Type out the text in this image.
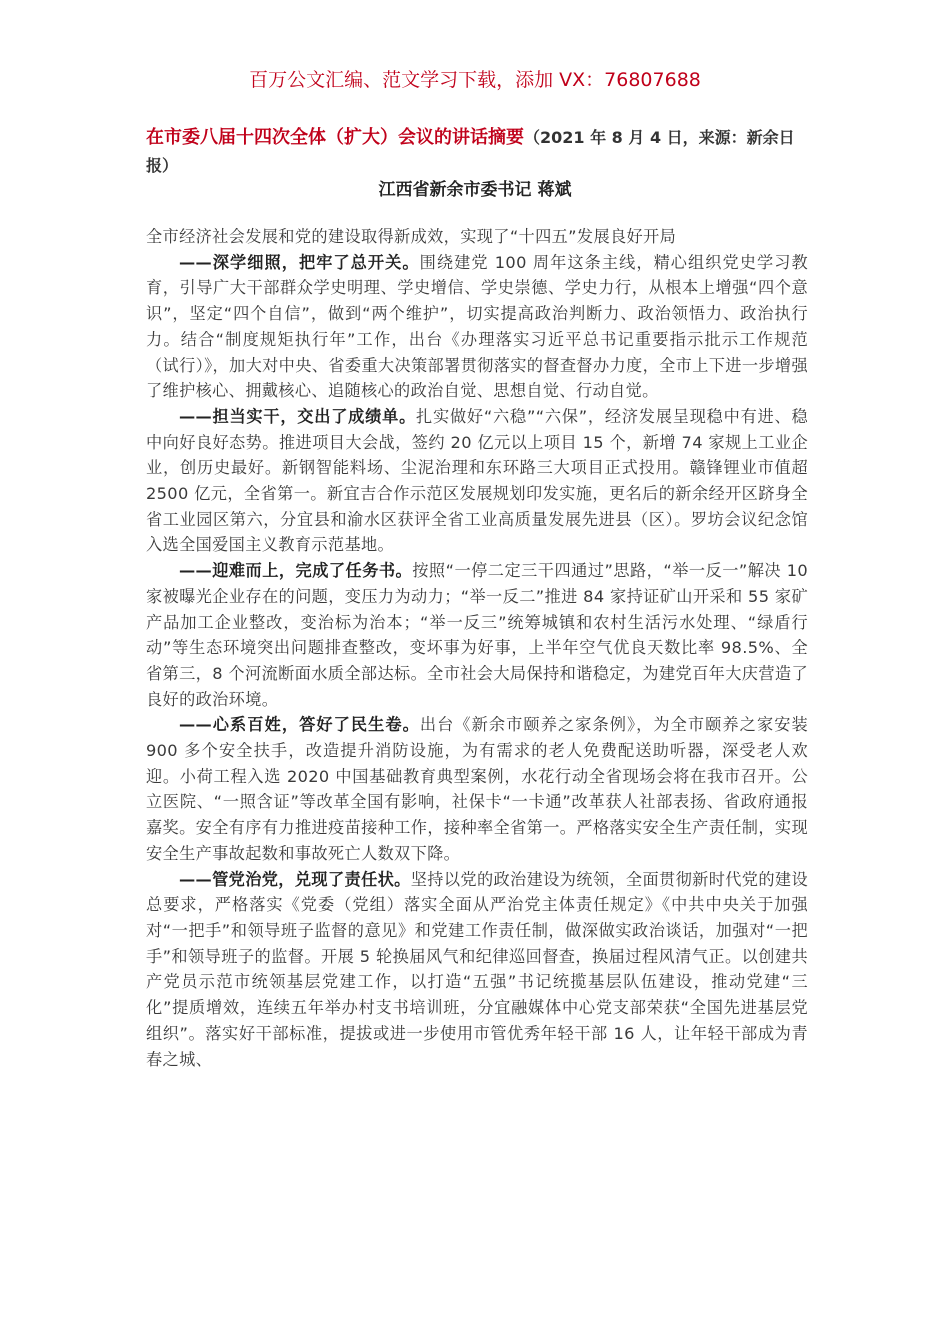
百万公文汇编、范文学习下载，添加 VX：76807688
在市委八届十四次全体（扩大）会议的讲话摘要（2021 年 8 月 4 日，来源：新余日报）
江西省新余市委书记 蒋斌

全市经济社会发展和党的建设取得新成效，实现了“十四五”发展良好开局

——深学细照，把牢了总开关。围绕建党 100 周年这条主线，精心组织党史学习教育，引导广大干部群众学史明理、学史增信、学史崇德、学史力行，从根本上增强“四个意识”，坚定“四个自信”，做到“两个维护”，切实提高政治判断力、政治领悟力、政治执行力。结合“制度规矩执行年”工作，出台《办理落实习近平总书记重要指示批示工作规范（试行）》，加大对中央、省委重大决策部署贯彻落实的督查督办力度，全市上下进一步增强了维护核心、拥戴核心、追随核心的政治自觉、思想自觉、行动自觉。

——担当实干，交出了成绩单。扎实做好“六稳”“六保”，经济发展呈现稳中有进、稳中向好良好态势。推进项目大会战，签约 20 亿元以上项目 15 个，新增 74 家规上工业企业，创历史最好。新钢智能料场、尘泥治理和东环路三大项目正式投用。赣锋锂业市值超 2500 亿元，全省第一。新宜吉合作示范区发展规划印发实施，更名后的新余经开区跻身全省工业园区第六，分宜县和渝水区获评全省工业高质量发展先进县（区）。罗坊会议纪念馆入选全国爱国主义教育示范基地。

——迎难而上，完成了任务书。按照“一停二定三干四通过”思路，“举一反一”解决 10 家被曝光企业存在的问题，变压力为动力；“举一反二”推进 84 家持证矿山开采和 55 家矿产品加工企业整改，变治标为治本；“举一反三”统筹城镇和农村生活污水处理、“绿盾行动”等生态环境突出问题排查整改，变坏事为好事，上半年空气优良天数比率 98.5%、全省第三，8 个河流断面水质全部达标。全市社会大局保持和谐稳定，为建党百年大庆营造了良好的政治环境。

——心系百姓，答好了民生卷。出台《新余市颐养之家条例》，为全市颐养之家安装 900 多个安全扶手，改造提升消防设施，为有需求的老人免费配送助听器，深受老人欢迎。小荷工程入选 2020 中国基础教育典型案例，水花行动全省现场会将在我市召开。公立医院、“一照含证”等改革全国有影响，社保卡“一卡通”改革获人社部表扬、省政府通报嘉奖。安全有序有力推进疫苗接种工作，接种率全省第一。严格落实安全生产责任制，实现安全生产事故起数和事故死亡人数双下降。

——管党治党，兑现了责任状。坚持以党的政治建设为统领，全面贯彻新时代党的建设总要求，严格落实《党委（党组）落实全面从严治党主体责任规定》《中共中央关于加强对“一把手”和领导班子监督的意见》和党建工作责任制，做深做实政治谈话，加强对“一把手”和领导班子的监督。开展 5 轮换届风气和纪律巡回督查，换届过程风清气正。以创建共产党员示范市统领基层党建工作，以打造“五强”书记统揽基层队伍建设，推动党建“三化”提质增效，连续五年举办村支书培训班，分宜融媒体中心党支部荣获“全国先进基层党组织”。落实好干部标准，提拔或进一步使用市管优秀年轻干部 16 人，让年轻干部成为青春之城、
